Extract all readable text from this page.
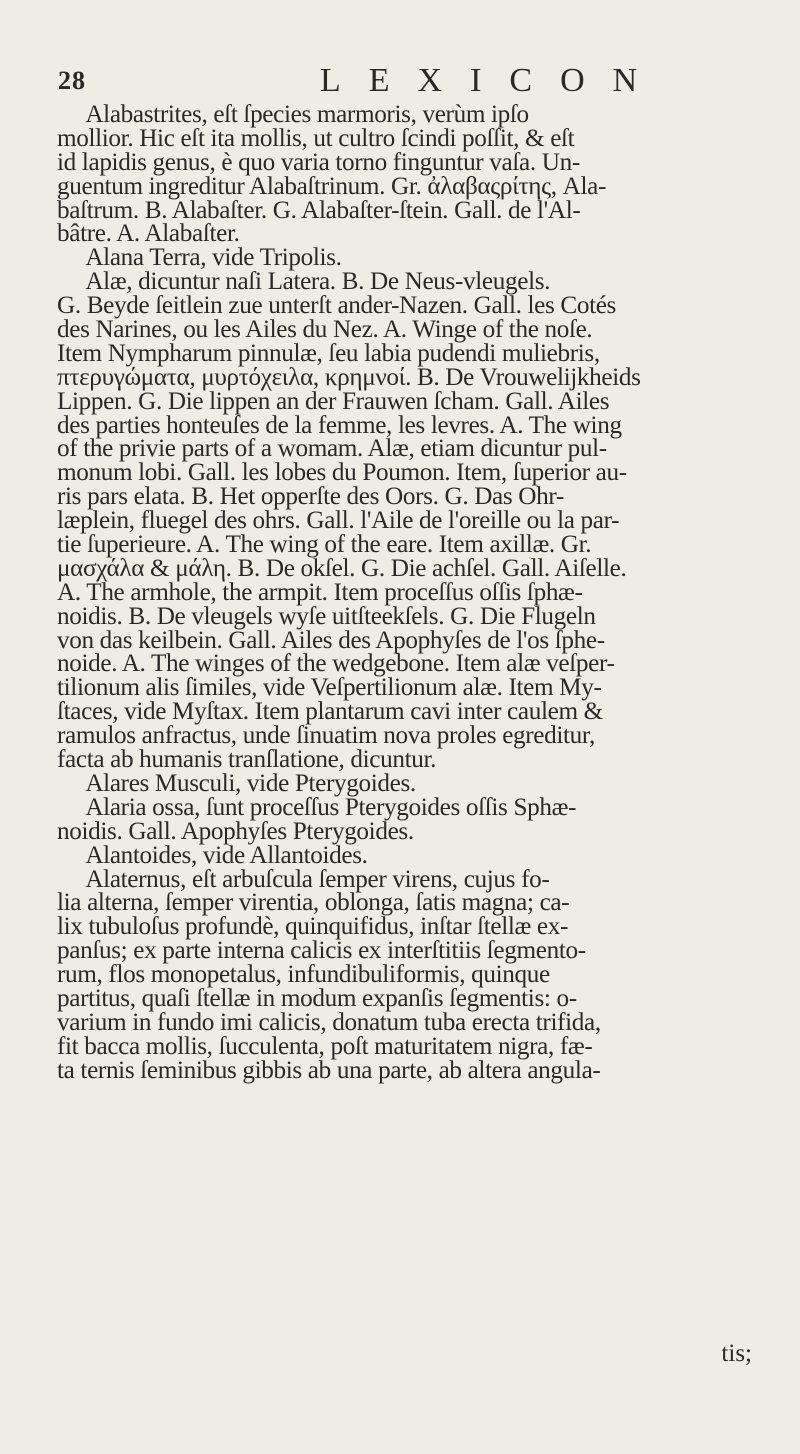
28	LEXICON
Alabastrites, eſt ſpecies marmoris, verùm ipſo
mollior. Hic eſt ita mollis, ut cultro ſcindi poſſit, & eſt
id lapidis genus, è quo varia torno finguntur vaſa. Un-
guentum ingreditur Alabaſtrinum. Gr. ἀλαβαςρίτης, Ala-
baſtrum. B. Alabaſter. G. Alabaſter-ſtein. Gall. de l'Al-
bâtre. A. Alabaſter.
Alana Terra, vide Tripolis.
Alæ, dicuntur naſi Latera. B. De Neus-vleugels.
G. Beyde ſeitlein zue unterſt ander-Nazen. Gall. les Cotés
des Narines, ou les Ailes du Nez. A. Winge of the noſe.
Item Nympharum pinnulæ, ſeu labia pudendi muliebris,
πτερυγώματα, μυρτόχειλα, κρημνοί. B. De Vrouwelijkheids
Lippen. G. Die lippen an der Frauwen ſcham. Gall. Ailes
des parties honteuſes de la femme, les levres. A. The wing
of the privie parts of a womam. Alæ, etiam dicuntur pul-
monum lobi. Gall. les lobes du Poumon. Item, ſuperior au-
ris pars elata. B. Het opperſte des Oors. G. Das Ohr-
læplein, fluegel des ohrs. Gall. l'Aile de l'oreille ou la par-
tie ſuperieure. A. The wing of the eare. Item axillæ. Gr.
μασχάλα & μάλη. B. De okſel. G. Die achſel. Gall. Aiſelle.
A. The armhole, the armpit. Item proceſſus oſſis ſphæ-
noidis. B. De vleugels wyſe uitſteekſels. G. Die Flugeln
von das keilbein. Gall. Ailes des Apophyſes de l'os ſphe-
noide. A. The winges of the wedgebone. Item alæ veſper-
tilionum alis ſimiles, vide Veſpertilionum alæ. Item My-
ſtaces, vide Myſtax. Item plantarum cavi inter caulem &
ramulos anfractus, unde ſinuatim nova proles egreditur,
facta ab humanis tranſlatione, dicuntur.
Alares Musculi, vide Pterygoides.
Alaria ossa, ſunt proceſſus Pterygoides oſſis Sphæ-
noidis. Gall. Apophyſes Pterygoides.
Alantoides, vide Allantoides.
Alaternus, eſt arbuſcula ſemper virens, cujus fo-
lia alterna, ſemper virentia, oblonga, ſatis magna; ca-
lix tubuloſus profundè, quinquifidus, inſtar ſtellæ ex-
panſus; ex parte interna calicis ex interſtitiis ſegmento-
rum, flos monopetalus, infundibuliformis, quinque
partitus, quaſi ſtellæ in modum expanſis ſegmentis: o-
varium in fundo imi calicis, donatum tuba erecta trifida,
fit bacca mollis, ſucculenta, poſt maturitatem nigra, fæ-
ta ternis ſeminibus gibbis ab una parte, ab altera angula-
tis;
